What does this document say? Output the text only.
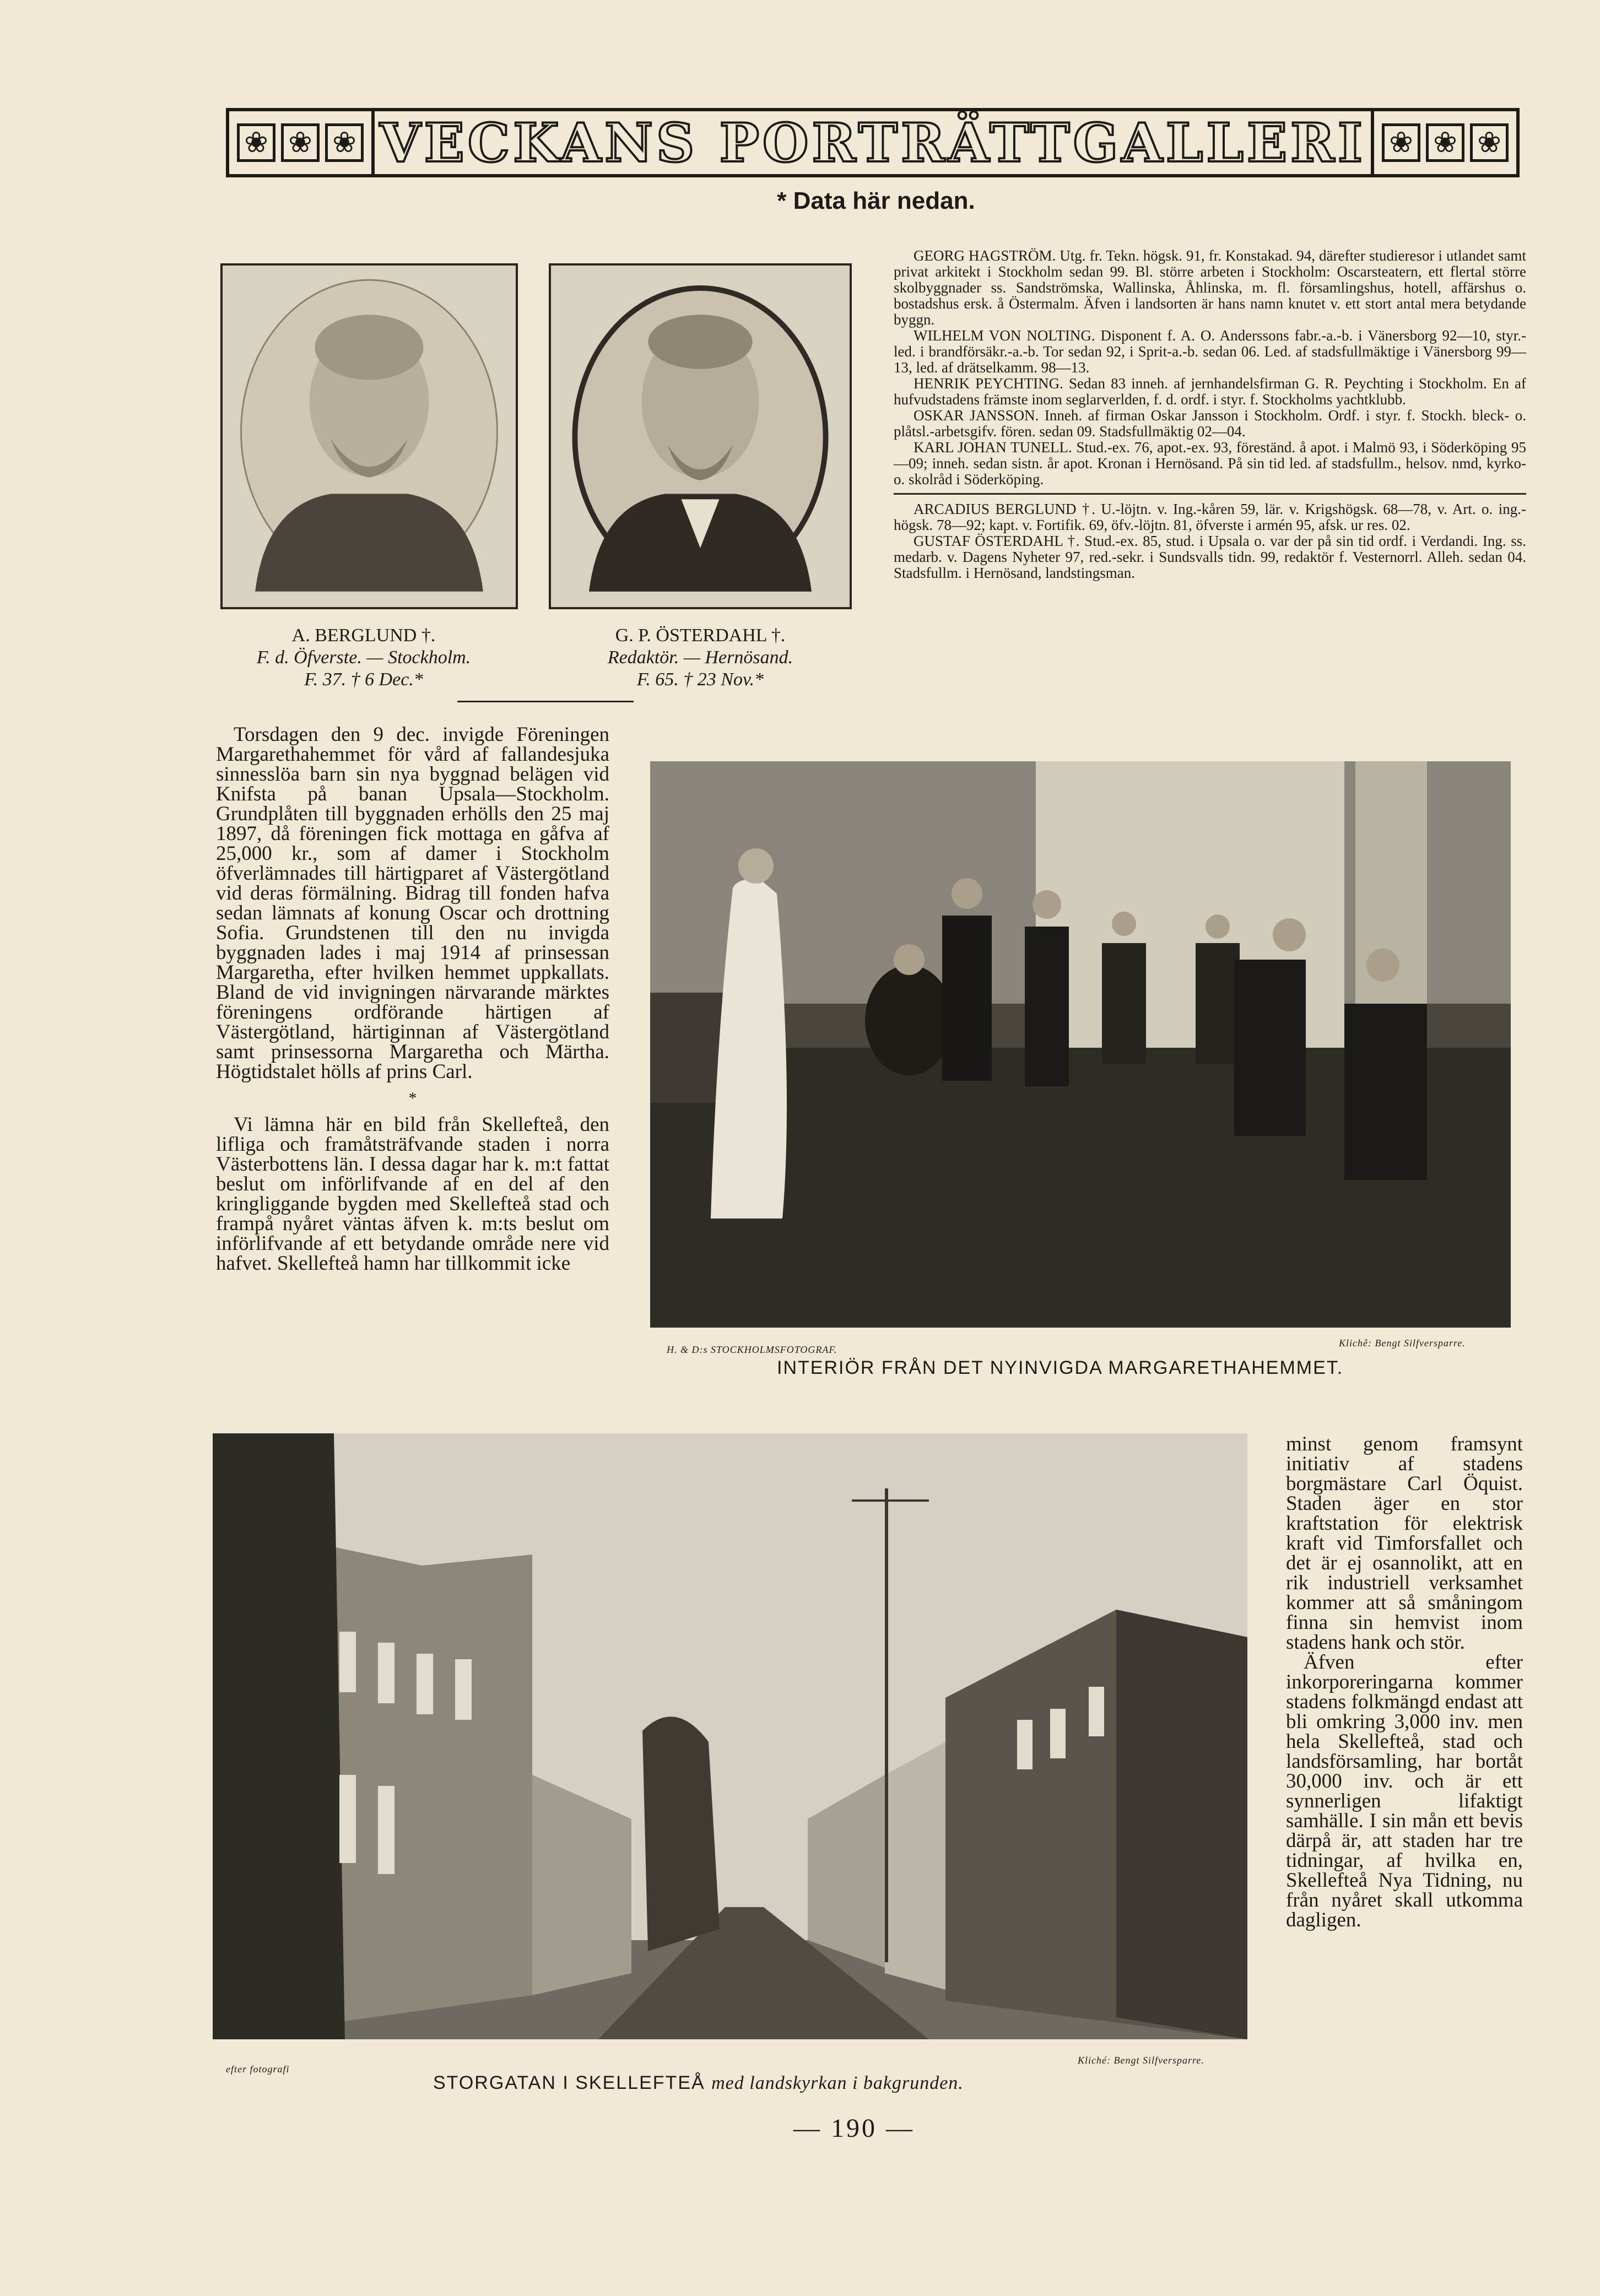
❀ ❀ ❀ VECKANS PORTRÄTTGALLERI ❀ ❀ ❀
* Data här nedan.
A. BERGLUND †.
F. d. Öfverste. — Stockholm.
F. 37. † 6 Dec.*
G. P. ÖSTERDAHL †.
Redaktör. — Hernösand.
F. 65. † 23 Nov.*

GEORG HAGSTRÖM. Utg. fr. Tekn. högsk. 91, fr. Konstakad. 94, därefter studieresor i utlandet samt privat arkitekt i Stockholm sedan 99. Bl. större arbeten i Stockholm: Oscarsteatern, ett flertal större skolbyggnader ss. Sandströmska, Wallinska, Åhlinska, m. fl. församlingshus, hotell, affärshus o. bostadshus ersk. å Östermalm. Äfven i landsorten är hans namn knutet v. ett stort antal mera betydande byggn.

WILHELM VON NOLTING. Disponent f. A. O. Anderssons fabr.-a.-b. i Vänersborg 92—10, styr.-led. i brandförsäkr.-a.-b. Tor sedan 92, i Sprit-a.-b. sedan 06. Led. af stadsfullmäktige i Vänersborg 99—13, led. af drätselkamm. 98—13.

HENRIK PEYCHTING. Sedan 83 inneh. af jernhandelsfirman G. R. Peychting i Stockholm. En af hufvudstadens främste inom seglarverlden, f. d. ordf. i styr. f. Stockholms yachtklubb.

OSKAR JANSSON. Inneh. af firman Oskar Jansson i Stockholm. Ordf. i styr. f. Stockh. bleck- o. plåtsl.-arbetsgifv. fören. sedan 09. Stadsfullmäktig 02—04.

KARL JOHAN TUNELL. Stud.-ex. 76, apot.-ex. 93, föreständ. å apot. i Malmö 93, i Söderköping 95—09; inneh. sedan sistn. år apot. Kronan i Hernösand. På sin tid led. af stadsfullm., helsov. nmd, kyrko- o. skolråd i Söderköping.

ARCADIUS BERGLUND †. U.-löjtn. v. Ing.-kåren 59, lär. v. Krigshögsk. 68—78, v. Art. o. ing.-högsk. 78—92; kapt. v. Fortifik. 69, öfv.-löjtn. 81, öfverste i armén 95, afsk. ur res. 02.

GUSTAF ÖSTERDAHL †. Stud.-ex. 85, stud. i Upsala o. var der på sin tid ordf. i Verdandi. Ing. ss. medarb. v. Dagens Nyheter 97, red.-sekr. i Sundsvalls tidn. 99, redaktör f. Vesternorrl. Alleh. sedan 04. Stadsfullm. i Hernösand, landstingsman.

Torsdagen den 9 dec. invigde Föreningen Margarethahemmet för vård af fallandesjuka sinnesslöa barn sin nya byggnad belägen vid Knifsta på banan Upsala—Stockholm. Grundplåten till byggnaden erhölls den 25 maj 1897, då föreningen fick mottaga en gåfva af 25,000 kr., som af damer i Stockholm öfverlämnades till härtigparet af Västergötland vid deras förmälning. Bidrag till fonden hafva sedan lämnats af konung Oscar och drottning Sofia. Grundstenen till den nu invigda byggnaden lades i maj 1914 af prinsessan Margaretha, efter hvilken hemmet uppkallats. Bland de vid invigningen närvarande märktes föreningens ordförande härtigen af Västergötland, härtiginnan af Västergötland samt prinsessorna Margaretha och Märtha. Högtidstalet hölls af prins Carl.

*

Vi lämna här en bild från Skellefteå, den lifliga och framåtsträfvande staden i norra Västerbottens län. I dessa dagar har k. m:t fattat beslut om införlifvande af en del af den kringliggande bygden med Skellefteå stad och frampå nyåret väntas äfven k. m:ts beslut om införlifvande af ett betydande område nere vid hafvet. Skellefteå hamn har tillkommit icke

H. & D:s STOCKHOLMSFOTOGRAF.
Klichê: Bengt Silfversparre.
INTERIÖR FRÅN DET NYINVIGDA MARGARETHAHEMMET.
efter fotografi
Kliché: Bengt Silfversparre.
STORGATAN I SKELLEFTEÅ med landskyrkan i bakgrunden.

minst genom framsynt initiativ af stadens borgmästare Carl Öquist. Staden äger en stor kraftstation för elektrisk kraft vid Timforsfallet och det är ej osannolikt, att en rik industriell verksamhet kommer att så småningom finna sin hemvist inom stadens hank och stör.

Äfven efter inkorporeringarna kommer stadens folkmängd endast att bli omkring 3,000 inv. men hela Skellefteå, stad och landsförsamling, har bortåt 30,000 inv. och är ett synnerligen lifaktigt samhälle. I sin mån ett bevis därpå är, att staden har tre tidningar, af hvilka en, Skellefteå Nya Tidning, nu från nyåret skall utkomma dagligen.

— 190 —
